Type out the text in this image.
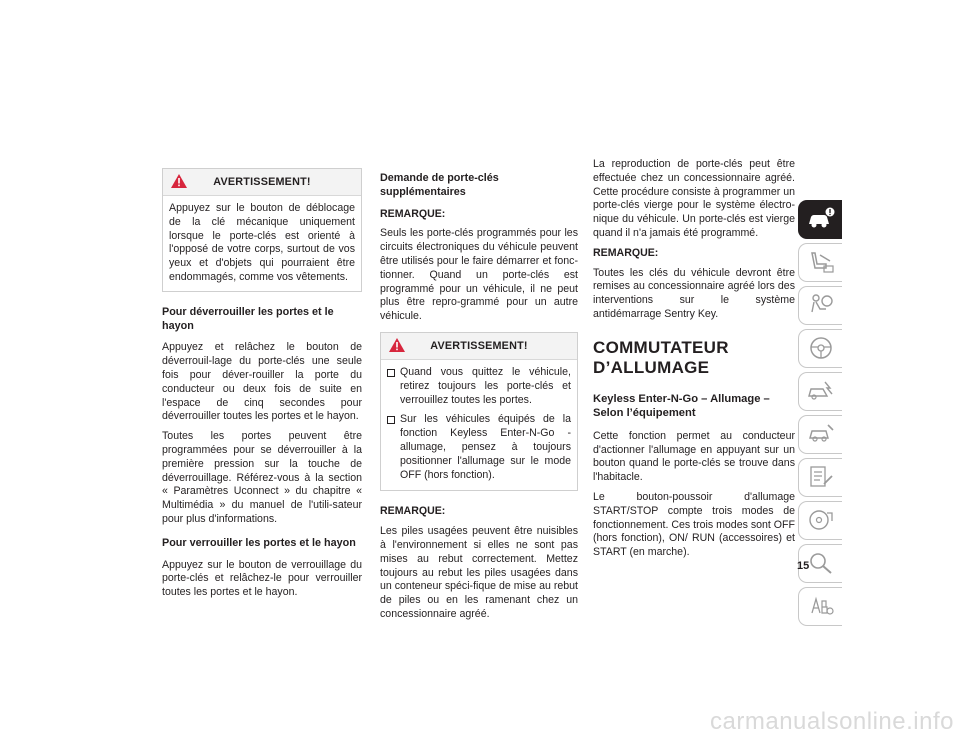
AVERTISSEMENT!

Appuyez sur le bouton de déblocage de la clé mécanique uniquement lorsque le porte-clés est orienté à l'opposé de votre corps, surtout de vos yeux et d'objets qui pourraient être endommagés, comme vos vêtements.

Pour déverrouiller les portes et le hayon

Appuyez et relâchez le bouton de déverrouil-lage du porte-clés une seule fois pour déver-rouiller la porte du conducteur ou deux fois de suite en l'espace de cinq secondes pour déverrouiller toutes les portes et le hayon.

Toutes les portes peuvent être programmées pour se déverrouiller à la première pression sur la touche de déverrouillage. Référez-vous à la section « Paramètres Uconnect » du chapitre « Multimédia » du manuel de l'utili-sateur pour plus d'informations.

Pour verrouiller les portes et le hayon

Appuyez sur le bouton de verrouillage du porte-clés et relâchez-le pour verrouiller toutes les portes et le hayon.

Demande de porte-clés supplémentaires

REMARQUE:

Seuls les porte-clés programmés pour les circuits électroniques du véhicule peuvent être utilisés pour le faire démarrer et fonc-tionner. Quand un porte-clés est programmé pour un véhicule, il ne peut plus être repro-grammé pour un autre véhicule.

AVERTISSEMENT!
Quand vous quittez le véhicule, retirez toujours les porte-clés et verrouillez toutes les portes.
Sur les véhicules équipés de la fonction Keyless Enter-N-Go - allumage, pensez à toujours positionner l'allumage sur le mode OFF (hors fonction).

REMARQUE:

Les piles usagées peuvent être nuisibles à l'environnement si elles ne sont pas mises au rebut correctement. Mettez toujours au rebut les piles usagées dans un conteneur spéci-fique de mise au rebut de piles ou en les ramenant chez un concessionnaire agréé.

La reproduction de porte-clés peut être effectuée chez un concessionnaire agréé. Cette procédure consiste à programmer un porte-clés vierge pour le système électro-nique du véhicule. Un porte-clés est vierge quand il n'a jamais été programmé.

REMARQUE:

Toutes les clés du véhicule devront être remises au concessionnaire agréé lors des interventions sur le système antidémarrage Sentry Key.

COMMUTATEUR D’ALLUMAGE
Keyless Enter-N-Go – Allumage – Selon l’équipement

Cette fonction permet au conducteur d'actionner l'allumage en appuyant sur un bouton quand le porte-clés se trouve dans l'habitacle.

Le bouton-poussoir d'allumage START/STOP compte trois modes de fonctionnement. Ces trois modes sont OFF (hors fonction), ON/ RUN (accessoires) et START (en marche).

15
carmanualsonline.info
